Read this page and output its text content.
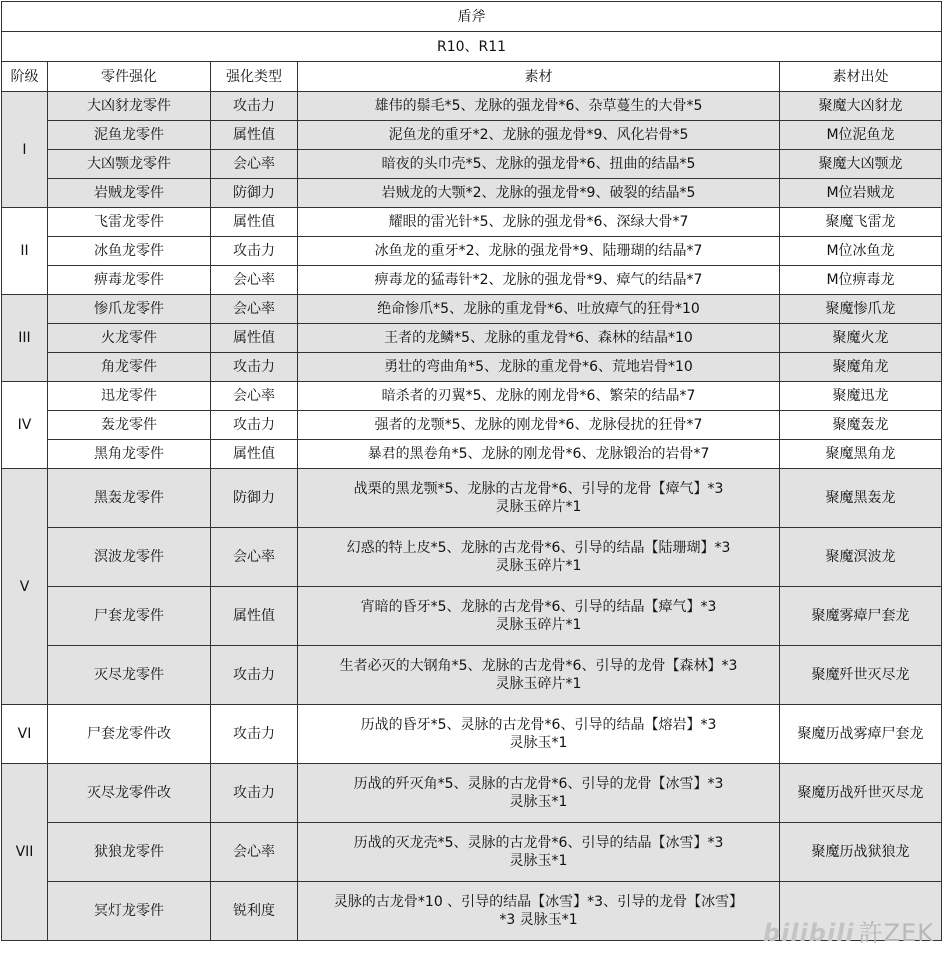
盾斧				
R10、R11				
阶级	零件强化	强化类型	素材	素材出处
I	大凶豺龙零件	攻击力	雄伟的鬃毛*5、龙脉的强龙骨*6、杂草蔓生的大骨*5	聚魔大凶豺龙
	泥鱼龙零件	属性值	泥鱼龙的重牙*2、龙脉的强龙骨*9、风化岩骨*5	M位泥鱼龙
	大凶颚龙零件	会心率	暗夜的头巾壳*5、龙脉的强龙骨*6、扭曲的结晶*5	聚魔大凶颚龙
	岩贼龙零件	防御力	岩贼龙的大颚*2、龙脉的强龙骨*9、破裂的结晶*5	M位岩贼龙
II	飞雷龙零件	属性值	耀眼的雷光针*5、龙脉的强龙骨*6、深绿大骨*7	聚魔飞雷龙
	冰鱼龙零件	攻击力	冰鱼龙的重牙*2、龙脉的强龙骨*9、陆珊瑚的结晶*7	M位冰鱼龙
	痹毒龙零件	会心率	痹毒龙的猛毒针*2、龙脉的强龙骨*9、瘴气的结晶*7	M位痹毒龙
III	惨爪龙零件	会心率	绝命惨爪*5、龙脉的重龙骨*6、吐放瘴气的狂骨*10	聚魔惨爪龙
	火龙零件	属性值	王者的龙鳞*5、龙脉的重龙骨*6、森林的结晶*10	聚魔火龙
	角龙零件	攻击力	勇壮的弯曲角*5、龙脉的重龙骨*6、荒地岩骨*10	聚魔角龙
IV	迅龙零件	会心率	暗杀者的刃翼*5、龙脉的刚龙骨*6、繁荣的结晶*7	聚魔迅龙
	轰龙零件	攻击力	强者的龙颚*5、龙脉的刚龙骨*6、龙脉侵扰的狂骨*7	聚魔轰龙
	黑角龙零件	属性值	暴君的黑卷角*5、龙脉的刚龙骨*6、龙脉锻治的岩骨*7	聚魔黑角龙
V	黑轰龙零件	防御力	战栗的黑龙颚*5、龙脉的古龙骨*6、引导的龙骨【瘴气】*3
灵脉玉碎片*1	聚魔黑轰龙
	溟波龙零件	会心率	幻惑的特上皮*5、龙脉的古龙骨*6、引导的结晶【陆珊瑚】*3
灵脉玉碎片*1	聚魔溟波龙
	尸套龙零件	属性值	宵暗的昏牙*5、龙脉的古龙骨*6、引导的结晶【瘴气】*3
灵脉玉碎片*1	聚魔雾瘴尸套龙
	灭尽龙零件	攻击力	生者必灭的大钢角*5、龙脉的古龙骨*6、引导的龙骨【森林】*3
灵脉玉碎片*1	聚魔歼世灭尽龙
VI	尸套龙零件改	攻击力	历战的昏牙*5、灵脉的古龙骨*6、引导的结晶【熔岩】*3
灵脉玉*1	聚魔历战雾瘴尸套龙
VII	灭尽龙零件改	攻击力	历战的歼灭角*5、灵脉的古龙骨*6、引导的龙骨【冰雪】*3
灵脉玉*1	聚魔历战歼世灭尽龙
	狱狼龙零件	会心率	历战的灭龙壳*5、灵脉的古龙骨*6、引导的结晶【冰雪】*3
灵脉玉*1	聚魔历战狱狼龙
	冥灯龙零件	锐利度	灵脉的古龙骨*10 、引导的结晶【冰雪】*3、引导的龙骨【冰雪】
*3 灵脉玉*1	
		bilibili 許ZEK
